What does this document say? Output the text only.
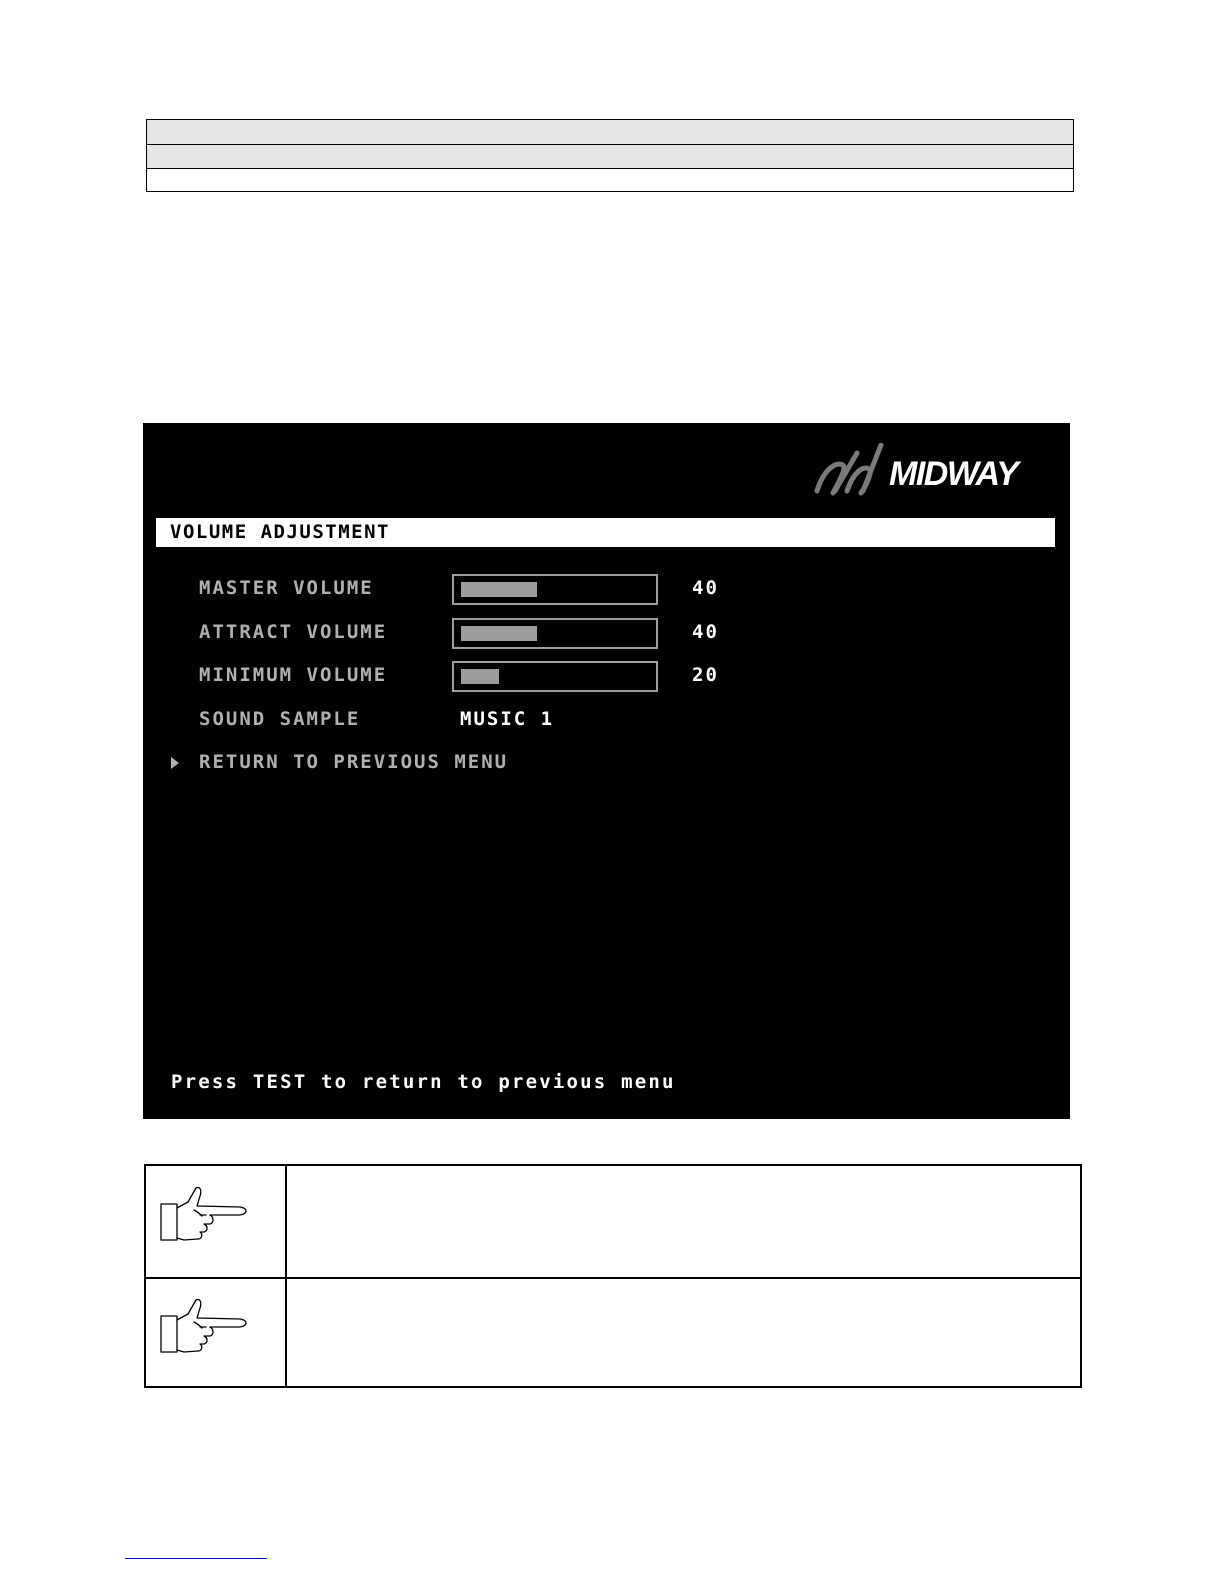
MIDWAY
VOLUME ADJUSTMENT
MASTER VOLUME	40
ATTRACT VOLUME	40
MINIMUM VOLUME	20
SOUND SAMPLE	MUSIC 1
RETURN TO PREVIOUS MENU
Press TEST to return to previous menu
